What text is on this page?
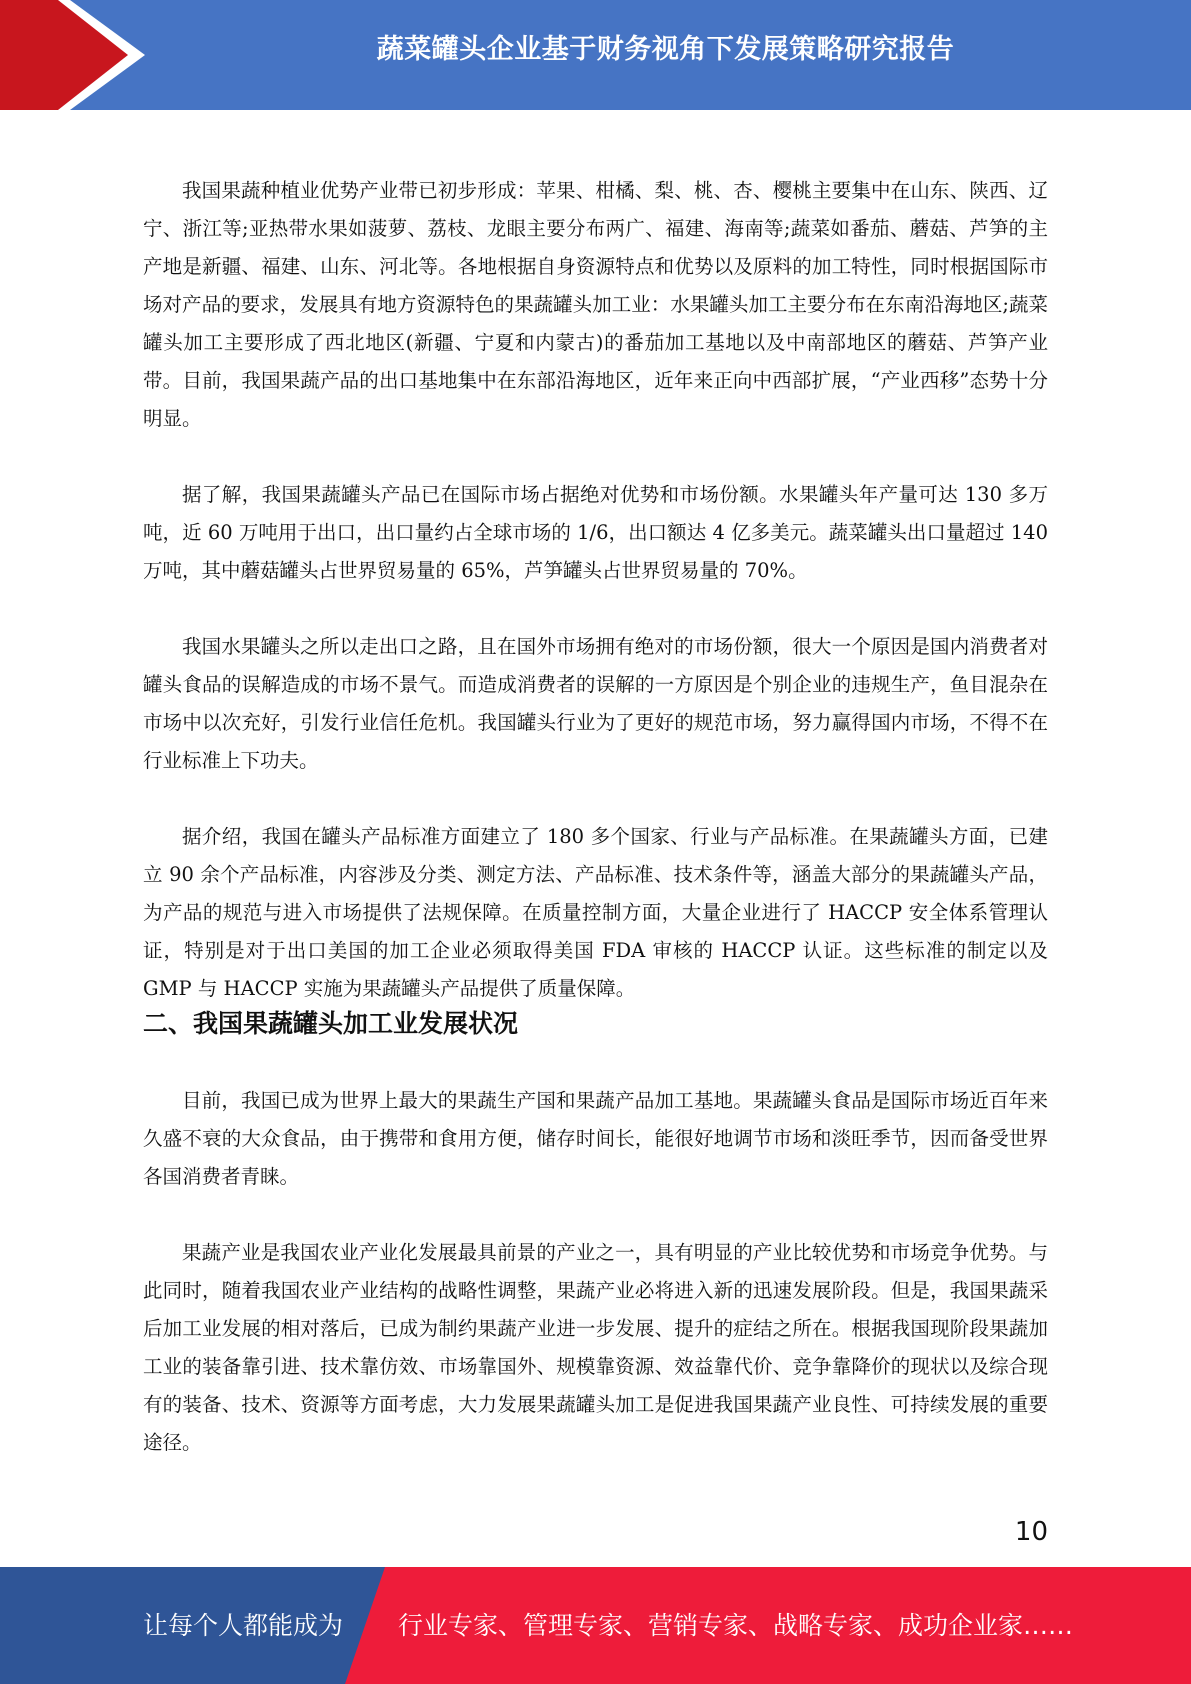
蔬菜罐头企业基于财务视角下发展策略研究报告

我国果蔬种植业优势产业带已初步形成：苹果、柑橘、梨、桃、杏、樱桃主要集中在山东、陕西、辽宁、浙江等;亚热带水果如菠萝、荔枝、龙眼主要分布两广、福建、海南等;蔬菜如番茄、蘑菇、芦笋的主产地是新疆、福建、山东、河北等。各地根据自身资源特点和优势以及原料的加工特性，同时根据国际市场对产品的要求，发展具有地方资源特色的果蔬罐头加工业：水果罐头加工主要分布在东南沿海地区;蔬菜罐头加工主要形成了西北地区(新疆、宁夏和内蒙古)的番茄加工基地以及中南部地区的蘑菇、芦笋产业带。目前，我国果蔬产品的出口基地集中在东部沿海地区，近年来正向中西部扩展，“产业西移”态势十分明显。

据了解，我国果蔬罐头产品已在国际市场占据绝对优势和市场份额。水果罐头年产量可达 130 多万吨，近 60 万吨用于出口，出口量约占全球市场的 1/6，出口额达 4 亿多美元。蔬菜罐头出口量超过 140 万吨，其中蘑菇罐头占世界贸易量的 65%，芦笋罐头占世界贸易量的 70%。

我国水果罐头之所以走出口之路，且在国外市场拥有绝对的市场份额，很大一个原因是国内消费者对罐头食品的误解造成的市场不景气。而造成消费者的误解的一方原因是个别企业的违规生产，鱼目混杂在市场中以次充好，引发行业信任危机。我国罐头行业为了更好的规范市场，努力赢得国内市场，不得不在行业标准上下功夫。

据介绍，我国在罐头产品标准方面建立了 180 多个国家、行业与产品标准。在果蔬罐头方面，已建立 90 余个产品标准，内容涉及分类、测定方法、产品标准、技术条件等，涵盖大部分的果蔬罐头产品，为产品的规范与进入市场提供了法规保障。在质量控制方面，大量企业进行了 HACCP 安全体系管理认证，特别是对于出口美国的加工企业必须取得美国 FDA 审核的 HACCP 认证。这些标准的制定以及 GMP 与 HACCP 实施为果蔬罐头产品提供了质量保障。

二、我国果蔬罐头加工业发展状况

目前，我国已成为世界上最大的果蔬生产国和果蔬产品加工基地。果蔬罐头食品是国际市场近百年来久盛不衰的大众食品，由于携带和食用方便，储存时间长，能很好地调节市场和淡旺季节，因而备受世界各国消费者青睐。

果蔬产业是我国农业产业化发展最具前景的产业之一，具有明显的产业比较优势和市场竞争优势。与此同时，随着我国农业产业结构的战略性调整，果蔬产业必将进入新的迅速发展阶段。但是，我国果蔬采后加工业发展的相对落后，已成为制约果蔬产业进一步发展、提升的症结之所在。根据我国现阶段果蔬加工业的装备靠引进、技术靠仿效、市场靠国外、规模靠资源、效益靠代价、竞争靠降价的现状以及综合现有的装备、技术、资源等方面考虑，大力发展果蔬罐头加工是促进我国果蔬产业良性、可持续发展的重要途径。

10
让每个人都能成为 行业专家、管理专家、营销专家、战略专家、成功企业家……
